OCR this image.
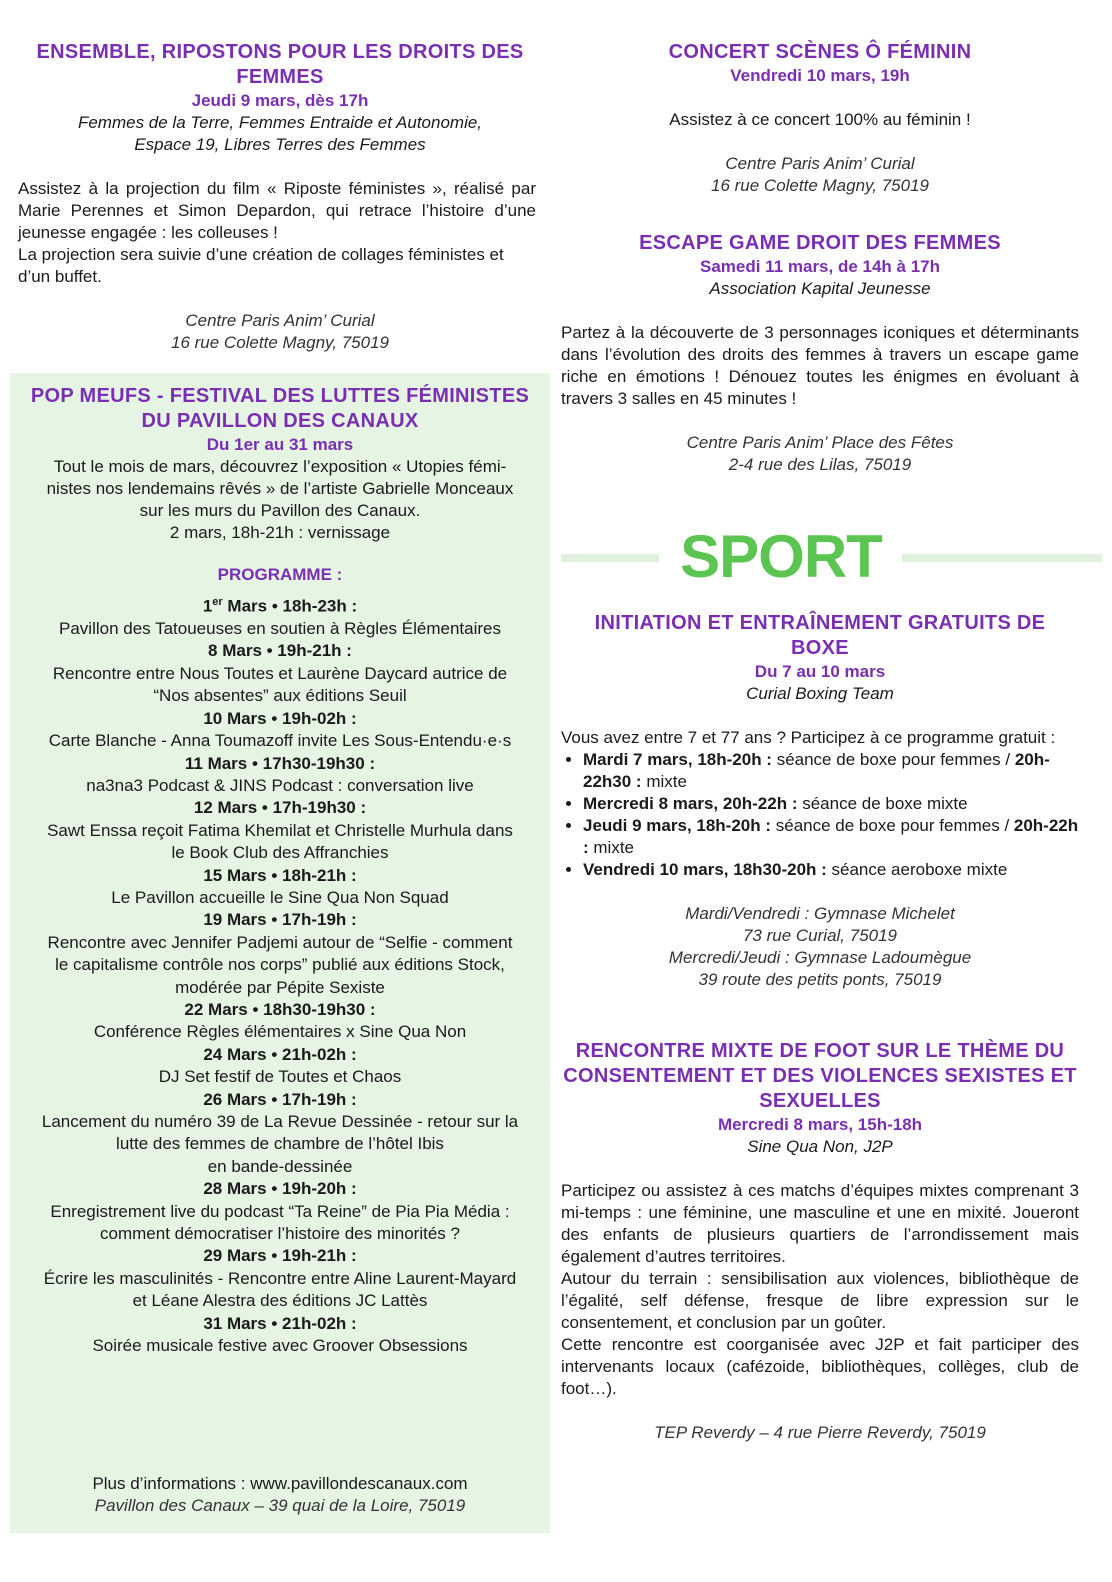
ENSEMBLE, RIPOSTONS POUR LES DROITS DES FEMMES

Jeudi 9 mars, dès 17h

Femmes de la Terre, Femmes Entraide et Autonomie,

Espace 19, Libres Terres des Femmes

Assistez à la projection du film « Riposte féministes », réalisé par Marie Perennes et Simon Depardon, qui retrace l’histoire d’une jeunesse engagée : les colleuses !

La projection sera suivie d’une création de collages féministes et d’un buffet.

Centre Paris Anim’ Curial

16 rue Colette Magny, 75019

POP MEUFS - FESTIVAL DES LUTTES FÉMINISTES DU PAVILLON DES CANAUX

Du 1er au 31 mars

Tout le mois de mars, découvrez l’exposition « Utopies fémi-

nistes nos lendemains rêvés » de l’artiste Gabrielle Monceaux

sur les murs du Pavillon des Canaux.

2 mars, 18h-21h : vernissage

PROGRAMME :

1er Mars • 18h-23h :

Pavillon des Tatoueuses en soutien à Règles Élémentaires

8 Mars • 19h-21h :

Rencontre entre Nous Toutes et Laurène Daycard autrice de

“Nos absentes” aux éditions Seuil

10 Mars • 19h-02h :

Carte Blanche - Anna Toumazoff invite Les Sous-Entendu·e·s

11 Mars • 17h30-19h30 :

na3na3 Podcast & JINS Podcast : conversation live

12 Mars • 17h-19h30 :

Sawt Enssa reçoit Fatima Khemilat et Christelle Murhula dans

le Book Club des Affranchies

15 Mars • 18h-21h :

Le Pavillon accueille le Sine Qua Non Squad

19 Mars • 17h-19h :

Rencontre avec Jennifer Padjemi autour de “Selfie - comment

le capitalisme contrôle nos corps” publié aux éditions Stock,

modérée par Pépite Sexiste

22 Mars • 18h30-19h30 :

Conférence Règles élémentaires x Sine Qua Non

24 Mars • 21h-02h :

DJ Set festif de Toutes et Chaos

26 Mars • 17h-19h :

Lancement du numéro 39 de La Revue Dessinée - retour sur la

lutte des femmes de chambre de l’hôtel Ibis

en bande-dessinée

28 Mars • 19h-20h :

Enregistrement live du podcast “Ta Reine” de Pia Pia Média :

comment démocratiser l’histoire des minorités ?

29 Mars • 19h-21h :

Écrire les masculinités - Rencontre entre Aline Laurent-Mayard

et Léane Alestra des éditions JC Lattès

31 Mars • 21h-02h :

Soirée musicale festive avec Groover Obsessions

Plus d’informations : www.pavillondescanaux.com

Pavillon des Canaux – 39 quai de la Loire, 75019

CONCERT SCÈNES Ô FÉMININ

Vendredi 10 mars, 19h

Assistez à ce concert 100% au féminin !

Centre Paris Anim’ Curial

16 rue Colette Magny, 75019

ESCAPE GAME DROIT DES FEMMES

Samedi 11 mars, de 14h à 17h

Association Kapital Jeunesse

Partez à la découverte de 3 personnages iconiques et déterminants dans l’évolution des droits des femmes à travers un escape game riche en émotions ! Dénouez toutes les énigmes en évoluant à travers 3 salles en 45 minutes !

Centre Paris Anim’ Place des Fêtes

2-4 rue des Lilas, 75019

SPORT

INITIATION ET ENTRAÎNEMENT GRATUITS DE BOXE

Du 7 au 10 mars

Curial Boxing Team

Vous avez entre 7 et 77 ans ? Participez à ce programme gratuit :

• Mardi 7 mars, 18h-20h : séance de boxe pour femmes / 20h-22h30 : mixte
• Mercredi 8 mars, 20h-22h : séance de boxe mixte
• Jeudi 9 mars, 18h-20h : séance de boxe pour femmes / 20h-22h : mixte
• Vendredi 10 mars, 18h30-20h : séance aeroboxe mixte

Mardi/Vendredi : Gymnase Michelet

73 rue Curial, 75019

Mercredi/Jeudi : Gymnase Ladoumègue

39 route des petits ponts, 75019

RENCONTRE MIXTE DE FOOT SUR LE THÈME DU CONSENTEMENT ET DES VIOLENCES SEXISTES ET SEXUELLES

Mercredi 8 mars, 15h-18h

Sine Qua Non, J2P

Participez ou assistez à ces matchs d’équipes mixtes comprenant 3 mi-temps : une féminine, une masculine et une en mixité. Joueront des enfants de plusieurs quartiers de l’arrondissement mais également d’autres territoires.

Autour du terrain : sensibilisation aux violences, bibliothèque de l’égalité, self défense, fresque de libre expression sur le consentement, et conclusion par un goûter.

Cette rencontre est coorganisée avec J2P et fait participer des intervenants locaux (cafézoide, bibliothèques, collèges, club de foot…).

TEP Reverdy – 4 rue Pierre Reverdy, 75019
